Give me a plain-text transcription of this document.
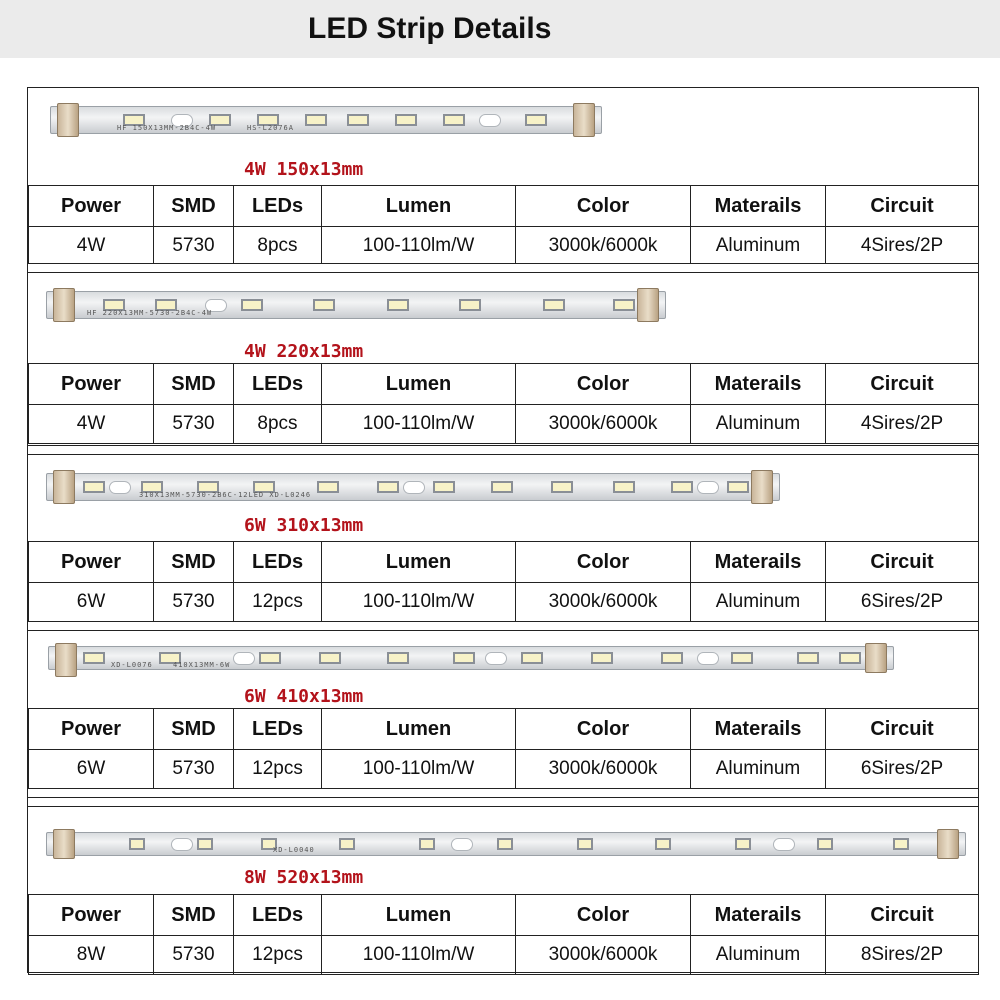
LED Strip Details
HF 150X13MM-2B4C-4W	HS-L2076A
4W 150x13mm
Power	SMD	LEDs	Lumen	Color	Materails	Circuit
4W	5730	8pcs	100-110lm/W	3000k/6000k	Aluminum	4Sires/2P
HF 220X13MM-5730-2B4C-4W
4W 220x13mm
Power	SMD	LEDs	Lumen	Color	Materails	Circuit
4W	5730	8pcs	100-110lm/W	3000k/6000k	Aluminum	4Sires/2P
310X13MM-5730-2B6C-12LED XD-L0246
6W 310x13mm
Power	SMD	LEDs	Lumen	Color	Materails	Circuit
6W	5730	12pcs	100-110lm/W	3000k/6000k	Aluminum	6Sires/2P
XD-L0076	410X13MM-6W
6W 410x13mm
Power	SMD	LEDs	Lumen	Color	Materails	Circuit
6W	5730	12pcs	100-110lm/W	3000k/6000k	Aluminum	6Sires/2P
XD-L0040
8W 520x13mm
Power	SMD	LEDs	Lumen	Color	Materails	Circuit
8W	5730	12pcs	100-110lm/W	3000k/6000k	Aluminum	8Sires/2P
